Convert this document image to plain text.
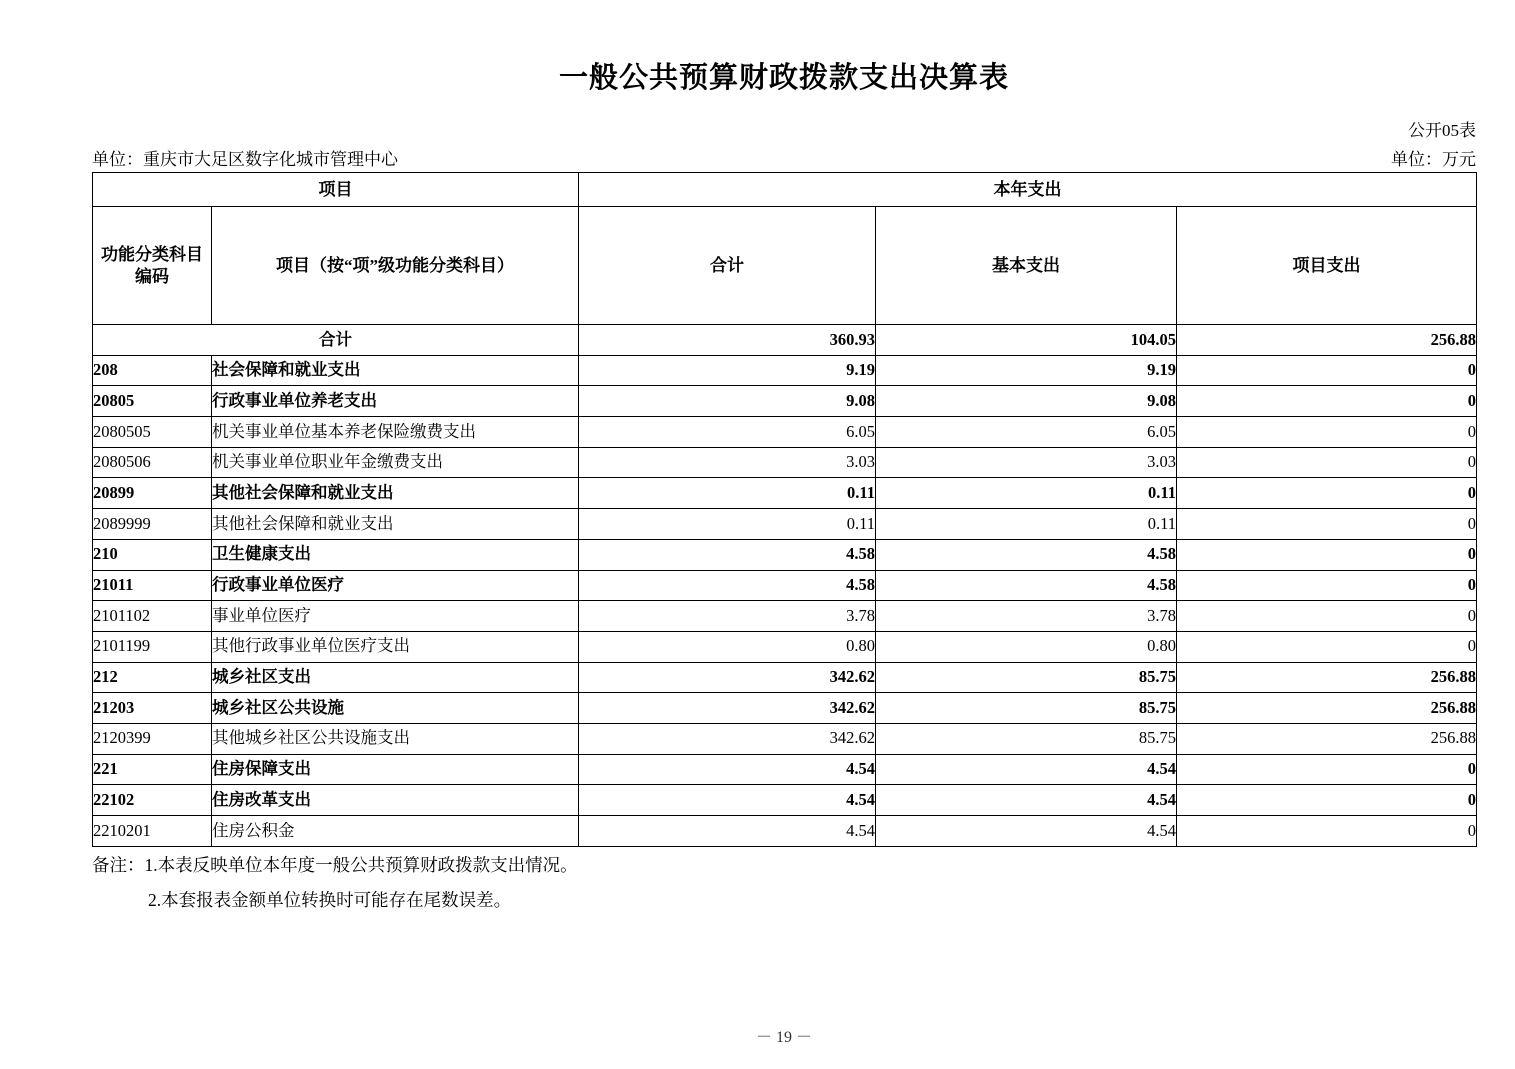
一般公共预算财政拨款支出决算表
公开05表
单位：重庆市大足区数字化城市管理中心	单位：万元
项目		本年支出		

功能分类科目
编码	项目（按“项”级功能分类科目）	合计	基本支出	项目支出
合计		360.93	104.05	256.88
208	社会保障和就业支出	9.19	9.19	0
20805	行政事业单位养老支出	9.08	9.08	0
2080505	机关事业单位基本养老保险缴费支出	6.05	6.05	0
2080506	机关事业单位职业年金缴费支出	3.03	3.03	0
20899	其他社会保障和就业支出	0.11	0.11	0
2089999	其他社会保障和就业支出	0.11	0.11	0
210	卫生健康支出	4.58	4.58	0
21011	行政事业单位医疗	4.58	4.58	0
2101102	事业单位医疗	3.78	3.78	0
2101199	其他行政事业单位医疗支出	0.80	0.80	0
212	城乡社区支出	342.62	85.75	256.88
21203	城乡社区公共设施	342.62	85.75	256.88
2120399	其他城乡社区公共设施支出	342.62	85.75	256.88
221	住房保障支出	4.54	4.54	0
22102	住房改革支出	4.54	4.54	0
2210201	住房公积金	4.54	4.54	0
备注：1.本表反映单位本年度一般公共预算财政拨款支出情况。
2.本套报表金额单位转换时可能存在尾数误差。
－ 19 －
